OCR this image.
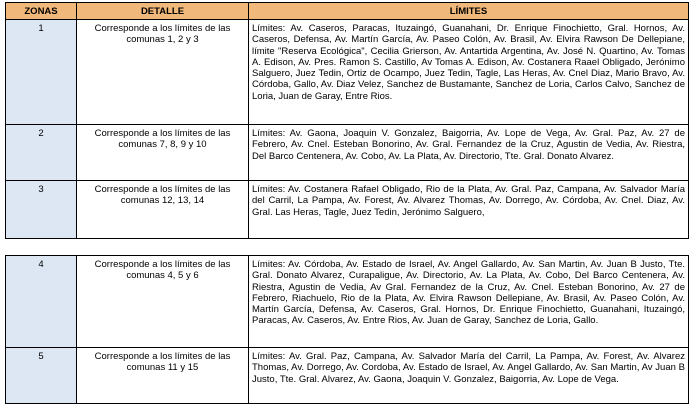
ZONAS	DETALLE	LÍMITES
1	Corresponde a los límites de las comunas 1, 2 y 3	Límites: Av. Caseros, Paracas, Ituzaingó, Guanahani, Dr. Enrique Finochietto, Gral. Hornos, Av. Caseros, Defensa, Av. Martín García, Av. Paseo Colón, Av. Brasil, Av. Elvira Rawson De Dellepiane, límite "Reserva Ecológica", Cecilia Grierson, Av. Antartida Argentina, Av. José N. Quartino, Av. Tomas A. Edison, Av. Pres. Ramon S. Castillo, Av Tomas A. Edison, Av. Costanera Raael Obligado, Jerónimo Salguero, Juez Tedin, Ortiz de Ocampo, Juez Tedin, Tagle, Las Heras, Av. Cnel Diaz, Mario Bravo, Av. Córdoba, Gallo, Av. Diaz Velez, Sanchez de Bustamante, Sanchez de Loria, Carlos Calvo, Sanchez de Loria, Juan de Garay, Entre Rios.
2	Corresponde a los límites de las comunas 7, 8, 9 y 10	Límites: Av. Gaona, Joaquin V. Gonzalez, Baigorria, Av. Lope de Vega, Av. Gral. Paz, Av. 27 de Febrero, Av. Cnel. Esteban Bonorino, Av. Gral. Fernandez de la Cruz, Agustin de Vedia, Av. Riestra, Del Barco Centenera, Av. Cobo, Av. La Plata, Av. Directorio, Tte. Gral. Donato Alvarez.
3	Corresponde a los límites de las comunas 12, 13, 14	Límites: Av. Costanera Rafael Obligado, Rio de la Plata, Av. Gral. Paz, Campana, Av. Salvador María del Carril, La Pampa, Av. Forest, Av. Alvarez Thomas, Av. Dorrego, Av. Córdoba, Av. Cnel. Diaz, Av. Gral. Las Heras, Tagle, Juez Tedin, Jerónimo Salguero,
4	Corresponde a los límites de las comunas 4, 5 y 6	Límites: Av. Córdoba, Av. Estado de Israel, Av. Angel Gallardo, Av. San Martin, Av. Juan B Justo, Tte. Gral. Donato Alvarez, Curapaligue, Av. Directorio, Av. La Plata, Av. Cobo, Del Barco Centenera, Av. Riestra, Agustin de Vedia, Av Gral. Fernandez de la Cruz, Av. Cnel. Esteban Bonorino, Av. 27 de Febrero, Riachuelo, Rio de la Plata, Av. Elvira Rawson Dellepiane, Av. Brasil, Av. Paseo Colón, Av. Martín García, Defensa, Av. Caseros, Gral. Hornos, Dr. Enrique Finochietto, Guanahani, Ituzaingó, Paracas, Av. Caseros, Av. Entre Rios, Av. Juan de Garay, Sanchez de Loria, Gallo.
5	Corresponde a los límites de las comunas 11 y 15	Límites: Av. Gral. Paz, Campana, Av. Salvador María del Carril, La Pampa, Av. Forest, Av. Alvarez Thomas, Av. Dorrego, Av. Cordoba, Av. Estado de Israel, Av. Angel Gallardo, Av. San Martin, Av Juan B Justo, Tte. Gral. Alvarez, Av. Gaona, Joaquin V. Gonzalez, Baigorria, Av. Lope de Vega.
